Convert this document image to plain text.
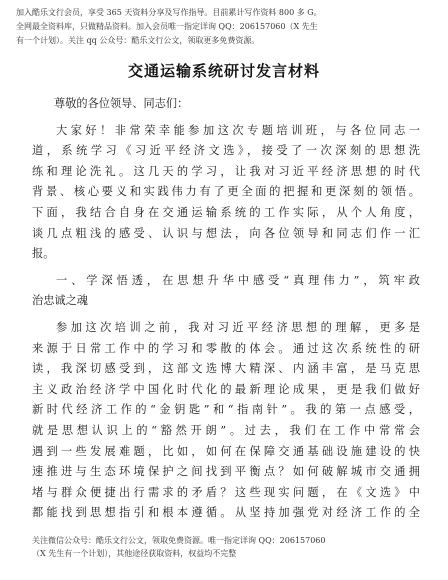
加入酷乐文行会员，享受 365 天资料分享及写作指导。目前累计写作资料 800 多 G。
全网最全资料库，只做精品资料。加入会员唯一指定详询 QQ：206157060（X 先生
有一个计划）。关注 qq 公众号：酷乐文行公文，领取更多免费资源。
交通运输系统研讨发言材料
尊敬的各位领导、同志们：
大家好！非常荣幸能参加这次专题培训班，与各位同志一
道，系统学习《习近平经济文选》，接受了一次深刻的思想洗
练和理论洗礼。这几天的学习，让我对习近平经济思想的时代
背景、核心要义和实践伟力有了更全面的把握和更深刻的领悟。
下面，我结合自身在交通运输系统的工作实际，从个人角度，
谈几点粗浅的感受、认识与想法，向各位领导和同志们作一汇
报。
一、学深悟透，在思想升华中感受“真理伟力”，筑牢政
治忠诚之魂
参加这次培训之前，我对习近平经济思想的理解，更多是
来源于日常工作中的学习和零散的体会。通过这次系统性的研
读，我深切感受到，这部文选博大精深、内涵丰富，是马克思
主义政治经济学中国化时代化的最新理论成果，更是我们做好
新时代经济工作的“金钥匙”和“指南针”。我的第一点感受，
就是思想认识上的“豁然开朗”。过去，我们在工作中常常会
遇到一些发展难题，比如，如何在保障交通基础设施建设的快
速推进与生态环境保护之间找到平衡点？如何破解城市交通拥
堵与群众便捷出行需求的矛盾？这些现实问题，在《文选》中
都能找到思想指引和根本遵循。从坚持加强党对经济工作的全
关注微信公众号：酷乐文行公文，领取免费资源。唯一指定详询 QQ：206157060
（X 先生有一个计划），其他途径获取资料，权益均不完整
